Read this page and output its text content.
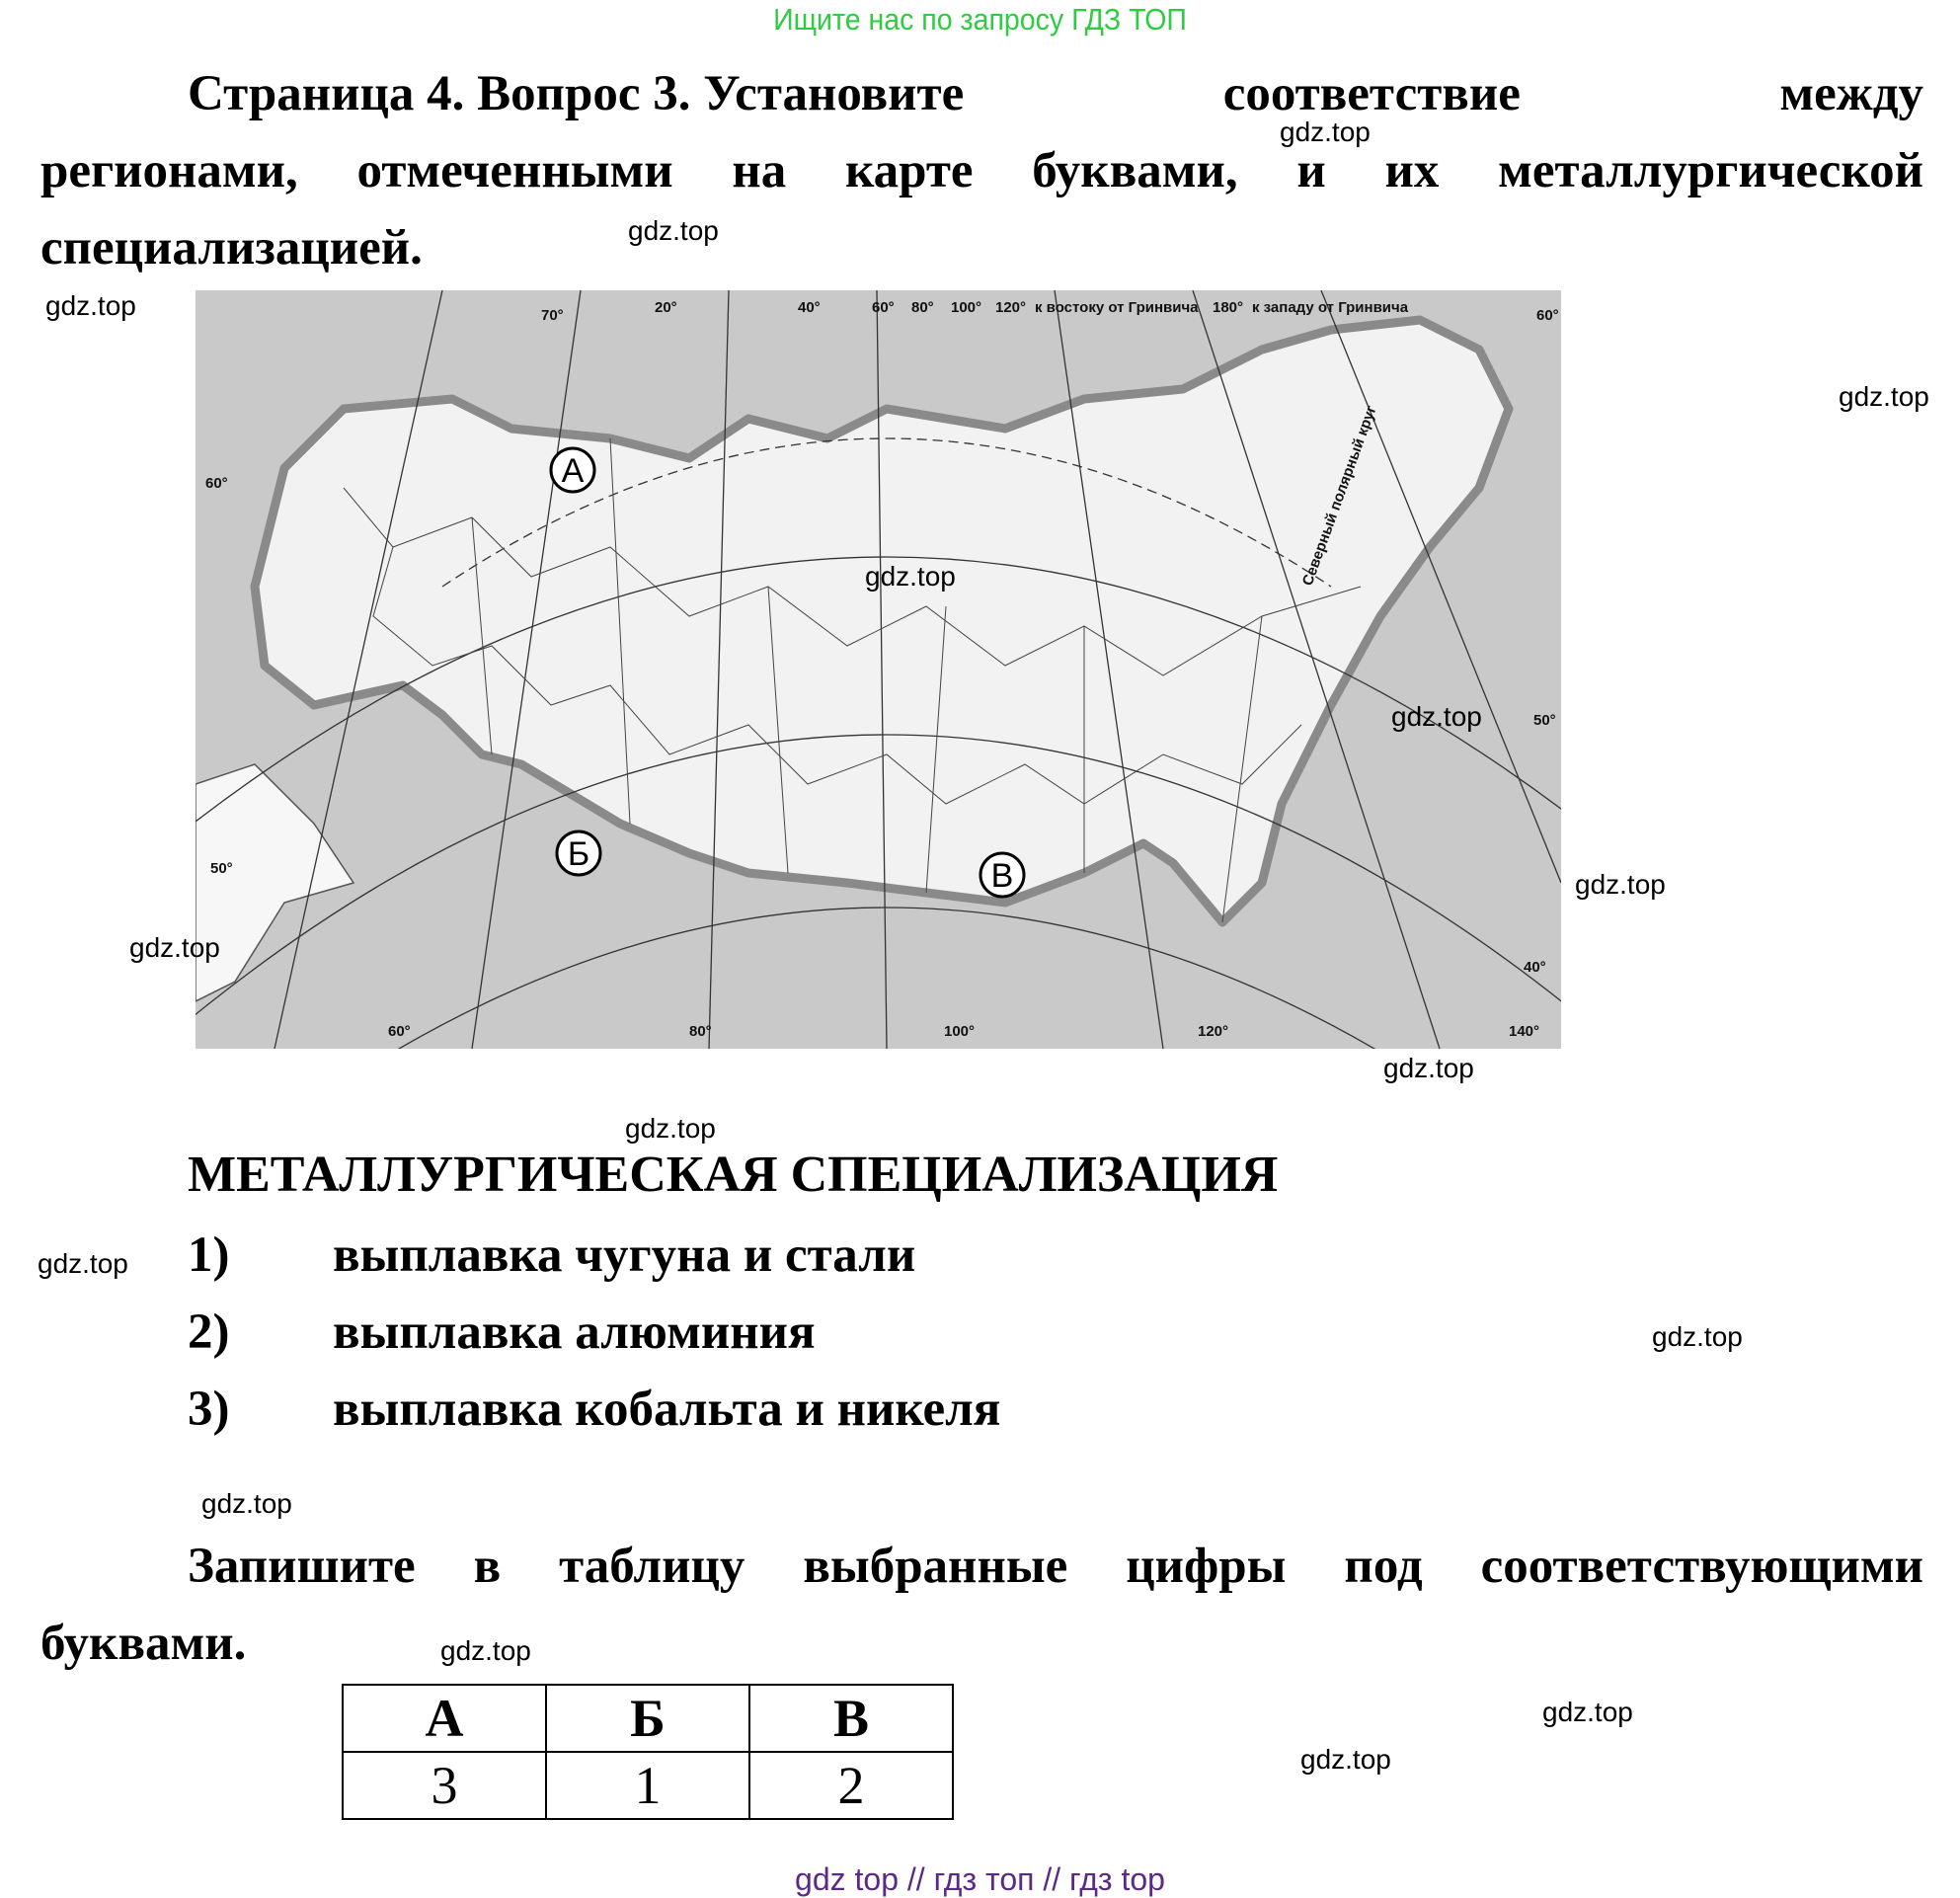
Ищите нас по запросу ГДЗ ТОП
Страница 4. Вопрос 3. Установите	соответствие	между
регионами, отмеченными на карте буквами, и их металлургической
специализацией.
20°	40°	60° 80° 100° 120° к востоку от Гринвича 180° к западу от Гринвича
60°	80°	100°	120°	140°
70°
60°
50°
50°
40°
60°
Северный полярный круг
А
Б
В
МЕТАЛЛУРГИЧЕСКАЯ СПЕЦИАЛИЗАЦИЯ
1) выплавка чугуна и стали
2) выплавка алюминия
3) выплавка кобальта и никеля
Запишите в таблицу выбранные цифры под соответствующими
буквами.
А	Б	В
3	1	2
gdz.top
gdz.top
gdz.top
gdz.top
gdz.top
gdz.top
gdz.top
gdz.top
gdz.top
gdz.top
gdz.top
gdz.top
gdz.top
gdz.top
gdz.top
gdz.top
gdz top // гдз топ // гдз top
